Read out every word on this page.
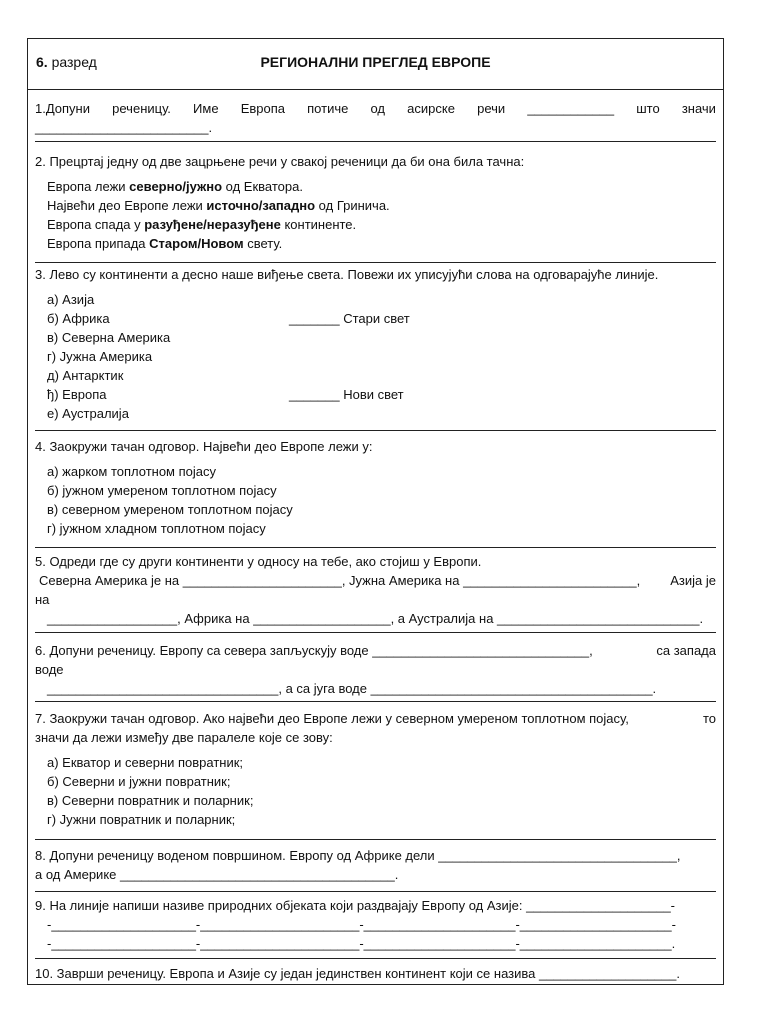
6. разред	РЕГИОНАЛНИ ПРЕГЛЕД ЕВРОПЕ
1.Допуни реченицу. Име Европа потиче од асирске речи ____________ што значи
________________________.
2. Прецртај једну од две зацрњене речи у свакој реченици да би она била тачна:
Европа лежи северно/јужно од Екватора.
Највећи део Европе лежи источно/западно од Гринича.
Европа спада у разуђене/неразуђене континенте.
Европа припада Старом/Новом свету.
3. Лево су континенти а десно наше виђење света. Повежи их уписујући слова на одговарајуће линије.
а) Азија
б) Африка	_______ Стари свет
в) Северна Америка
г) Јужна Америка
д) Антарктик
ђ) Европа	_______ Нови свет
е) Аустралија
4. Заокружи тачан одговор. Највећи део Европе лежи у:
а) жарком топлотном појасу
б) јужном умереном топлотном појасу
в) северном умереном топлотном појасу
г) јужном хладном топлотном појасу
5. Одреди где су други континенти у односу на тебе, ако стојиш у Европи.
Северна Америка је на ______________________, Јужна Америка на ________________________, Азија је
на
__________________, Африка на ___________________, а Аустралија на ____________________________.
6. Допуни реченицу. Европу са севера запљускују воде ______________________________,	са запада
воде
________________________________, а са југа воде _______________________________________.
7. Заокружи тачан одговор. Ако највећи део Европе лежи у северном умереном топлотном појасу,	то
значи да лежи између две паралеле које се зову:
а) Екватор и северни повратник;
б) Северни и јужни повратник;
в) Северни повратник и поларник;
г) Јужни повратник и поларник;
8. Допуни реченицу воденом површином. Европу од Африке дели _________________________________,
а од Америке ______________________________________.
9. На линије напиши називе природних објеката који раздвајају Европу од Азије: ____________________-
-____________________-______________________-_____________________-_____________________-
-____________________-______________________-_____________________-_____________________.
10. Заврши реченицу. Европа и Азије су један јединствен континент који се назива ___________________.
